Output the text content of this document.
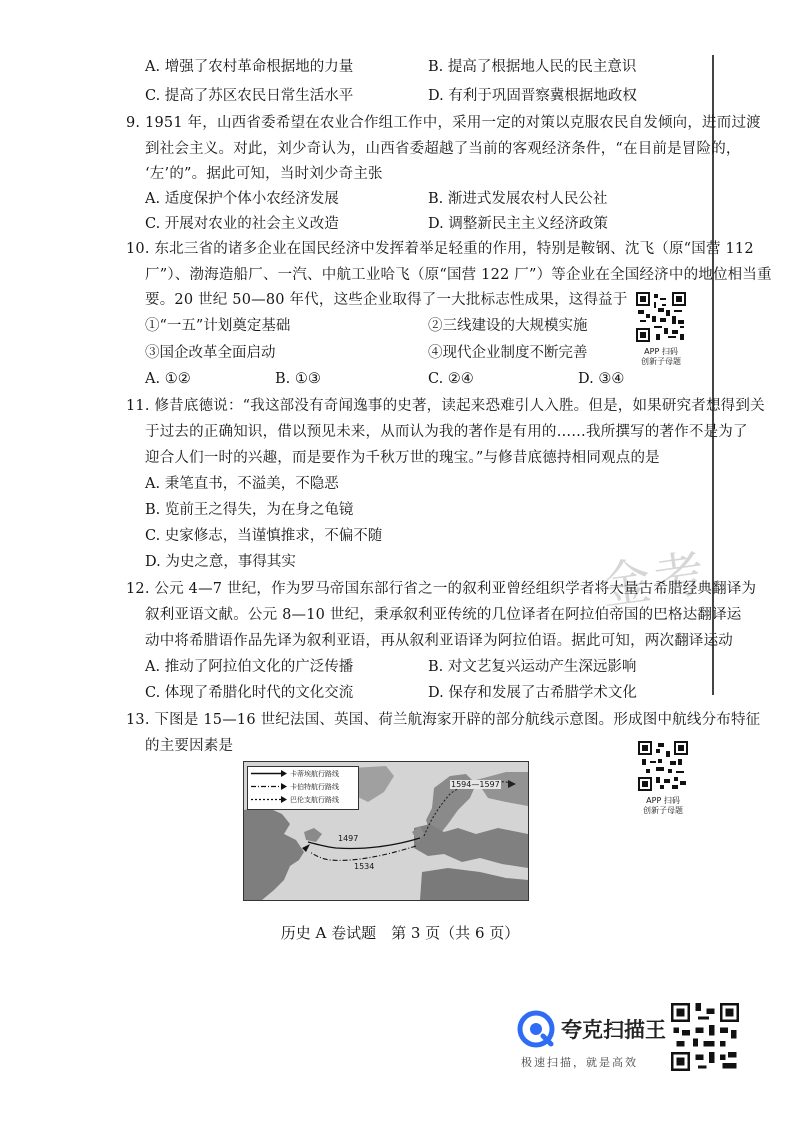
A. 增强了农村革命根据地的力量	B. 提高了根据地人民的民主意识
C. 提高了苏区农民日常生活水平	D. 有利于巩固晋察冀根据地政权
9. 1951 年，山西省委希望在农业合作组工作中，采用一定的对策以克服农民自发倾向，进而过渡
到社会主义。对此，刘少奇认为，山西省委超越了当前的客观经济条件，“在目前是冒险的，
‘左’的”。据此可知，当时刘少奇主张
A. 适度保护个体小农经济发展	B. 渐进式发展农村人民公社
C. 开展对农业的社会主义改造	D. 调整新民主主义经济政策
10. 东北三省的诸多企业在国民经济中发挥着举足轻重的作用，特别是鞍钢、沈飞（原“国营 112
厂”）、渤海造船厂、一汽、中航工业哈飞（原“国营 122 厂”）等企业在全国经济中的地位相当重
要。20 世纪 50—80 年代，这些企业取得了一大批标志性成果，这得益于
①“一五”计划奠定基础	②三线建设的大规模实施
③国企改革全面启动	④现代企业制度不断完善
A. ①②	B. ①③	C. ②④	D. ③④
APP 扫码
创新子母题
11. 修昔底德说：“我这部没有奇闻逸事的史著，读起来恐难引人入胜。但是，如果研究者想得到关
于过去的正确知识，借以预见未来，从而认为我的著作是有用的……我所撰写的著作不是为了
迎合人们一时的兴趣，而是要作为千秋万世的瑰宝。”与修昔底德持相同观点的是
A. 秉笔直书，不溢美，不隐恶
B. 览前王之得失，为在身之龟镜
C. 史家修志，当谨慎推求，不偏不随
D. 为史之意，事得其实	金考
12. 公元 4—7 世纪，作为罗马帝国东部行省之一的叙利亚曾经组织学者将大量古希腊经典翻译为
叙利亚语文献。公元 8—10 世纪，秉承叙利亚传统的几位译者在阿拉伯帝国的巴格达翻译运
动中将希腊语作品先译为叙利亚语，再从叙利亚语译为阿拉伯语。据此可知，两次翻译运动
A. 推动了阿拉伯文化的广泛传播	B. 对文艺复兴运动产生深远影响
C. 体现了希腊化时代的文化交流	D. 保存和发展了古希腊学术文化
13. 下图是 15—16 世纪法国、英国、荷兰航海家开辟的部分航线示意图。形成图中航线分布特征
的主要因素是
APP 扫码
创新子母题
卡蒂埃航行路线
卡伯特航行路线
巴伦支航行路线
1497
1534
1594—1597
历史 A 卷试题　第 3 页（共 6 页）
夸克扫描王
极速扫描，就是高效
